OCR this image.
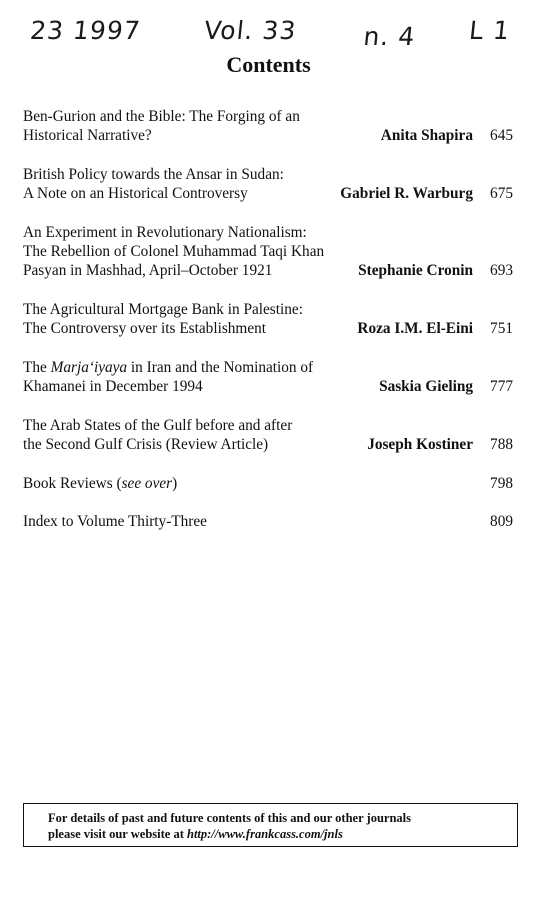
23 1997 Vol. 33	n. 4 L 1
Contents
Ben-Gurion and the Bible: The Forging of an
Historical Narrative?	Anita Shapira 645
British Policy towards the Ansar in Sudan:
A Note on an Historical Controversy	Gabriel R. Warburg 675
An Experiment in Revolutionary Nationalism:
The Rebellion of Colonel Muhammad Taqi Khan
Pasyan in Mashhad, April–October 1921	Stephanie Cronin 693
The Agricultural Mortgage Bank in Palestine:
The Controversy over its Establishment	Roza I.M. El-Eini 751
The Marja‘iyaya in Iran and the Nomination of
Khamanei in December 1994	Saskia Gieling 777
The Arab States of the Gulf before and after
the Second Gulf Crisis (Review Article)	Joseph Kostiner 788
Book Reviews (see over)	798
Index to Volume Thirty-Three	809
For details of past and future contents of this and our other journals
please visit our website at http://www.frankcass.com/jnls
